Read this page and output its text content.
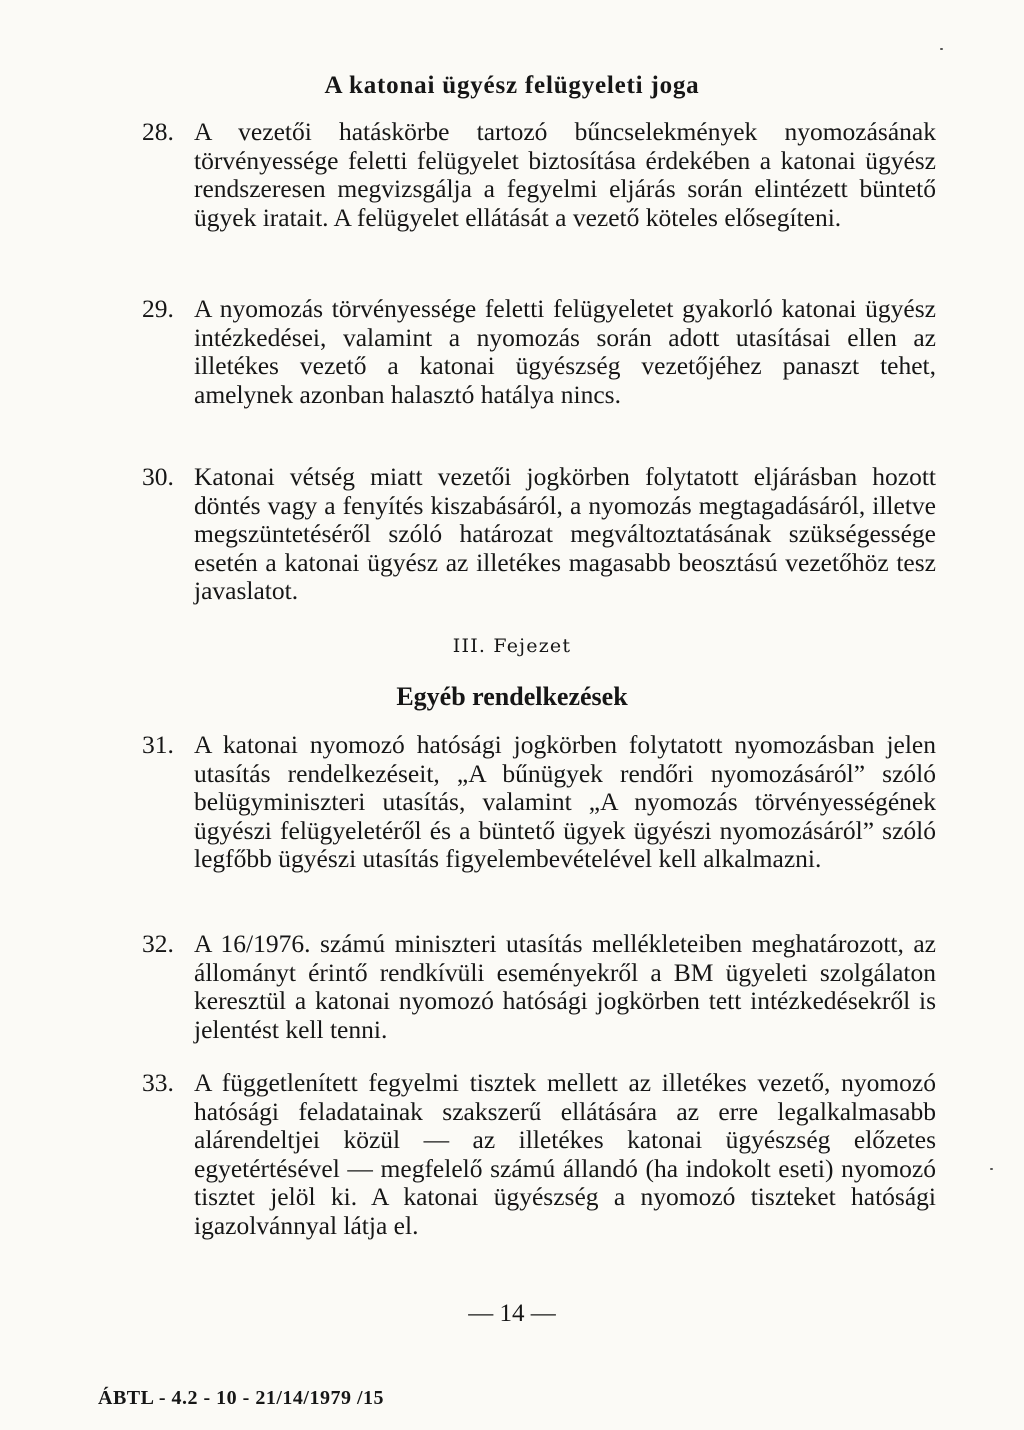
A katonai ügyész felügyeleti joga

28. A vezetői hatáskörbe tartozó bűncselekmények nyomozásának törvényessége feletti felügyelet biztosítása érdekében a katonai ügyész rendszeresen megvizsgálja a fegyelmi eljárás során elintézett büntető ügyek iratait. A felügyelet ellátását a vezető köteles elősegíteni.

29. A nyomozás törvényessége feletti felügyeletet gyakorló katonai ügyész intézkedései, valamint a nyomozás során adott utasításai ellen az illetékes vezető a katonai ügyészség vezetőjéhez panaszt tehet, amelynek azonban halasztó hatálya nincs.

30. Katonai vétség miatt vezetői jogkörben folytatott eljárásban hozott döntés vagy a fenyítés kiszabásáról, a nyomozás megtagadásáról, illetve megszüntetéséről szóló határozat megváltoztatásának szükségessége esetén a katonai ügyész az illetékes magasabb beosztású vezetőhöz tesz javaslatot.

III. Fejezet

Egyéb rendelkezések

31. A katonai nyomozó hatósági jogkörben folytatott nyomozásban jelen utasítás rendelkezéseit, „A bűnügyek rendőri nyomozásáról” szóló belügyminiszteri utasítás, valamint „A nyomozás törvényességének ügyészi felügyeletéről és a büntető ügyek ügyészi nyomozásáról” szóló legfőbb ügyészi utasítás figyelembevételével kell alkalmazni.

32. A 16/1976. számú miniszteri utasítás mellékleteiben meghatározott, az állományt érintő rendkívüli eseményekről a BM ügyeleti szolgálaton keresztül a katonai nyomozó hatósági jogkörben tett intézkedésekről is jelentést kell tenni.

33. A függetlenített fegyelmi tisztek mellett az illetékes vezető, nyomozó hatósági feladatainak szakszerű ellátására az erre legalkalmasabb alárendeltjei közül — az illetékes katonai ügyészség előzetes egyetértésével — megfelelő számú állandó (ha indokolt eseti) nyomozó tisztet jelöl ki. A katonai ügyészség a nyomozó tiszteket hatósági igazolvánnyal látja el.

— 14 —

ÁBTL - 4.2 - 10 - 21/14/1979 /15
